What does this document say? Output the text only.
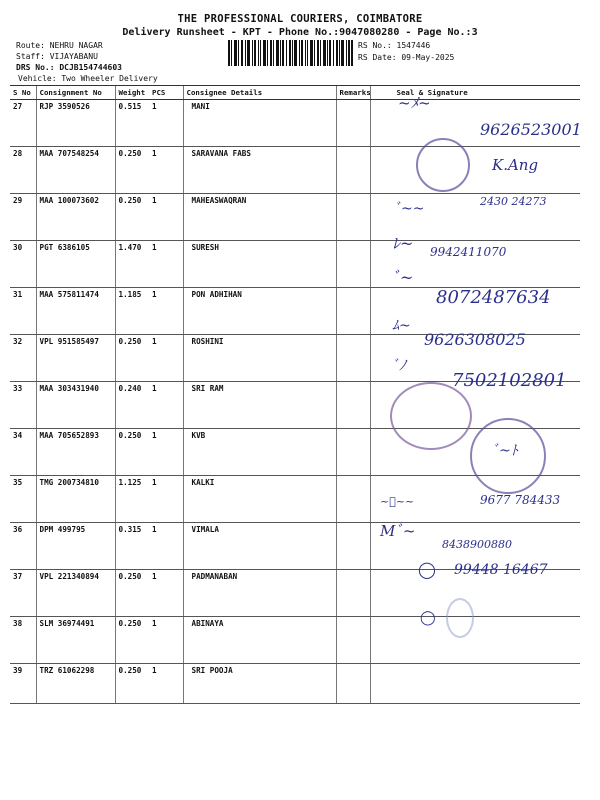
THE PROFESSIONAL COURIERS, COIMBATORE
Delivery Runsheet - KPT - Phone No.:9047080280 - Page No.:3
Route: NEHRU NAGAR
Staff: VIJAYABANU
DRS No.: DCJB154744603
Vehicle: Two Wheeler Delivery
RS No.: 1547446
RS Date: 09-May-2025
S No	Consignment No	Weight	PCS	Consignee Details	Remarks	Seal & Signature
27	RJP 3590526	0.515	1	MANI		
28	MAA 707548254	0.250	1	SARAVANA FABS		
29	MAA 100073602	0.250	1	MAHEASWAQRAN		
30	PGT 6386105	1.470	1	SURESH		
31	MAA 575811474	1.185	1	PON ADHIHAN		
32	VPL 951585497	0.250	1	ROSHINI		
33	MAA 303431940	0.240	1	SRI RAM		
34	MAA 705652893	0.250	1	KVB		
35	TMG 200734810	1.125	1	KALKI		
36	DPM 499795	0.315	1	VIMALA		
37	VPL 221340894	0.250	1	PADMANABAN		
38	SLM 36974491	0.250	1	ABINAYA		
39	TRZ 61062298	0.250	1	SRI POOJA		
~ﾒ~
9626523001
K.Ang
2430 24273
ﾞ~~
9942411070
ﾚ~
8072487634
ﾞ~
ﾑ~
9626308025
ﾞﾉ
7502102801
ﾞ~ﾄ
~ﾞ~~	9677 784433
Mﾞ~
8438900880
◯ 99448 16467
◯
